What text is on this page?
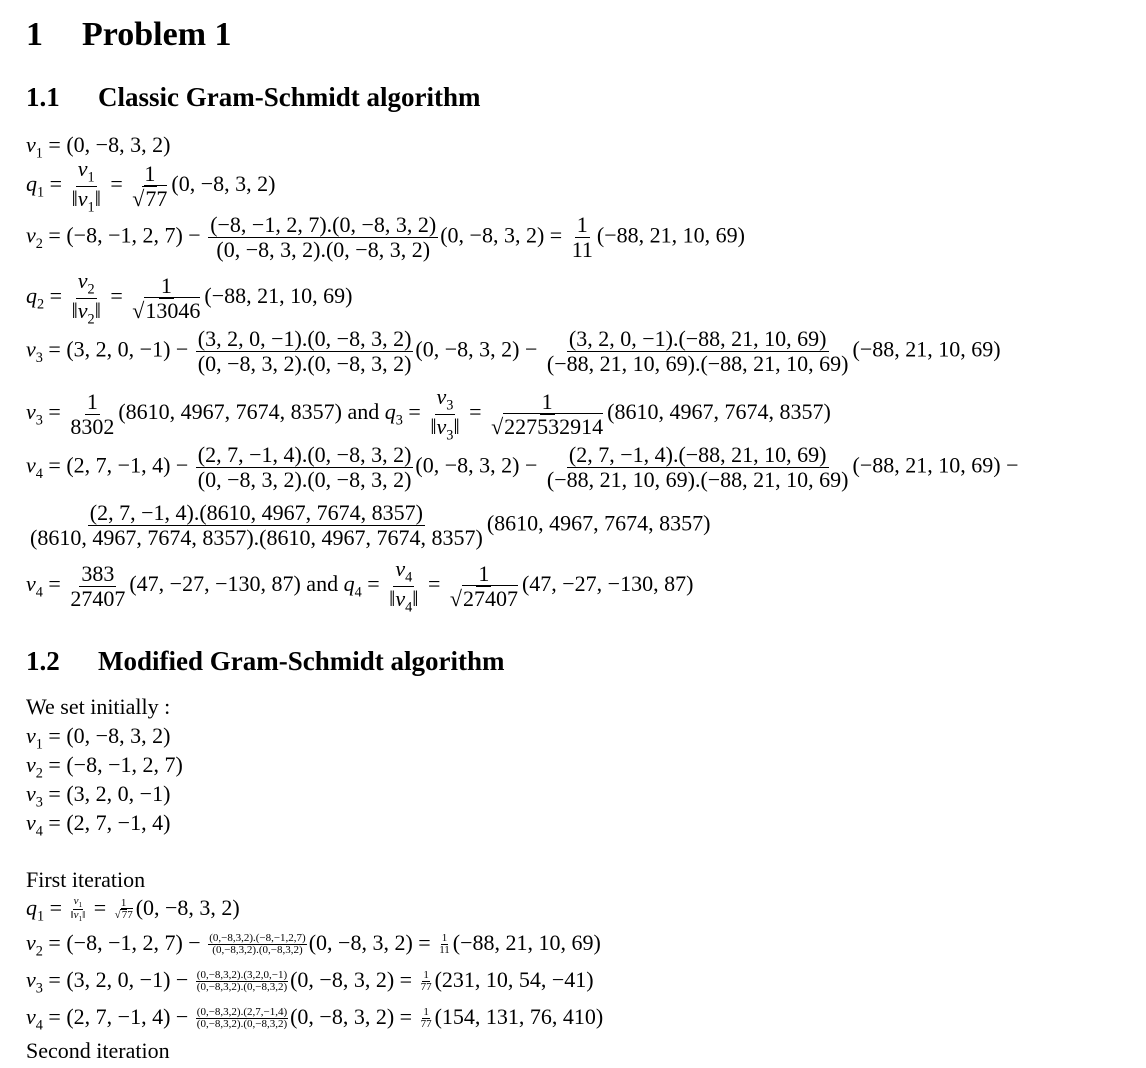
1 Problem 1
1.1 Classic Gram-Schmidt algorithm
$v_1 = (0$, −8, 3, 2)
$q_1 = \frac{v_1}{‖v_1‖} = \frac{1}{√77} (0$, −8, 3, 2)
$v_2 = (-8$, −1, 2, $7) - \frac{(-8, -1, 2, 7).(0, -8, 3, 2)}{(0, -8, 3, 2).(0, -8, 3, 2)} (0$, −8, 3, $2) = \frac{1}{11} (-88$, 21, 10, 69)
$q_2 = \frac{v_2}{‖v_2‖} = \frac{1}{√13046} (-88$, 21, 10, 69)
$v_3 = (3$, 2, 0, $-1) - \frac{(3, 2, 0, -1).(0, -8, 3, 2)}{(0, -8, 3, 2).(0, -8, 3, 2)} (0$, −8, 3, $2) - \frac{(3, 2, 0, -1).(-88, 21, 10, 69)}{(-88, 21, 10, 69).(-88, 21, 10, 69)} (-88$, 21, 10, 69)
$v_3 = \frac{1}{8302} (8610$, 4967, 7674, 8357) and $q_3 = \frac{v_3}{‖v_3‖} = \frac{1}{√227532914} (8610$, 4967, 7674, 8357)
$v_4 = (2$, 7, −1, $4) - \frac{(2, 7, -1, 4).(0, -8, 3, 2)}{(0, -8, 3, 2).(0, -8, 3, 2)} (0$, −8, 3, $2) - \frac{(2, 7, -1, 4).(-88, 21, 10, 69)}{(-88, 21, 10, 69).(-88, 21, 10, 69)} (-88$, 21, 10, 69) −
$\frac{(2, 7, -1, 4).(8610, 4967, 7674, 8357)}{(8610, 4967, 7674, 8357).(8610, 4967, 7674, 8357)} (8610$, 4967, 7674, 8357)
$v_4 = \frac{383}{27407} (47$, −27, −130, 87) and $q_4 = \frac{v_4}{‖v_4‖} = \frac{1}{√27407} (47$, −27, −130, 87)
1.2 Modified Gram-Schmidt algorithm
We set initially :
$v_1 = (0$, −8, 3, 2)
$v_2 = (-8$, −1, 2, 7)
$v_3 = (3$, 2, 0, −1)
$v_4 = (2$, 7, −1, 4)
First iteration
$q_1 = \frac{v_1}{‖v_1‖} = \frac{1}{√77} (0$, −8, 3, 2)
$v_2 = (-8$, −1, 2, $7) - \frac{(0,-8,3,2).(-8,-1,2,7)}{(0,-8,3,2).(0,-8,3,2)} (0$, −8, 3, $2) = \frac{1}{11} (-88$, 21, 10, 69)
$v_3 = (3$, 2, 0, $-1) - \frac{(0,-8,3,2).(3,2,0,-1)}{(0,-8,3,2).(0,-8,3,2)} (0$, −8, 3, $2) = \frac{1}{77} (231$, 10, 54, −41)
$v_4 = (2$, 7, −1, $4) - \frac{(0,-8,3,2).(2,7,-1,4)}{(0,-8,3,2).(0,-8,3,2)} (0$, −8, 3, $2) = \frac{1}{77} (154$, 131, 76, 410)
Second iteration
